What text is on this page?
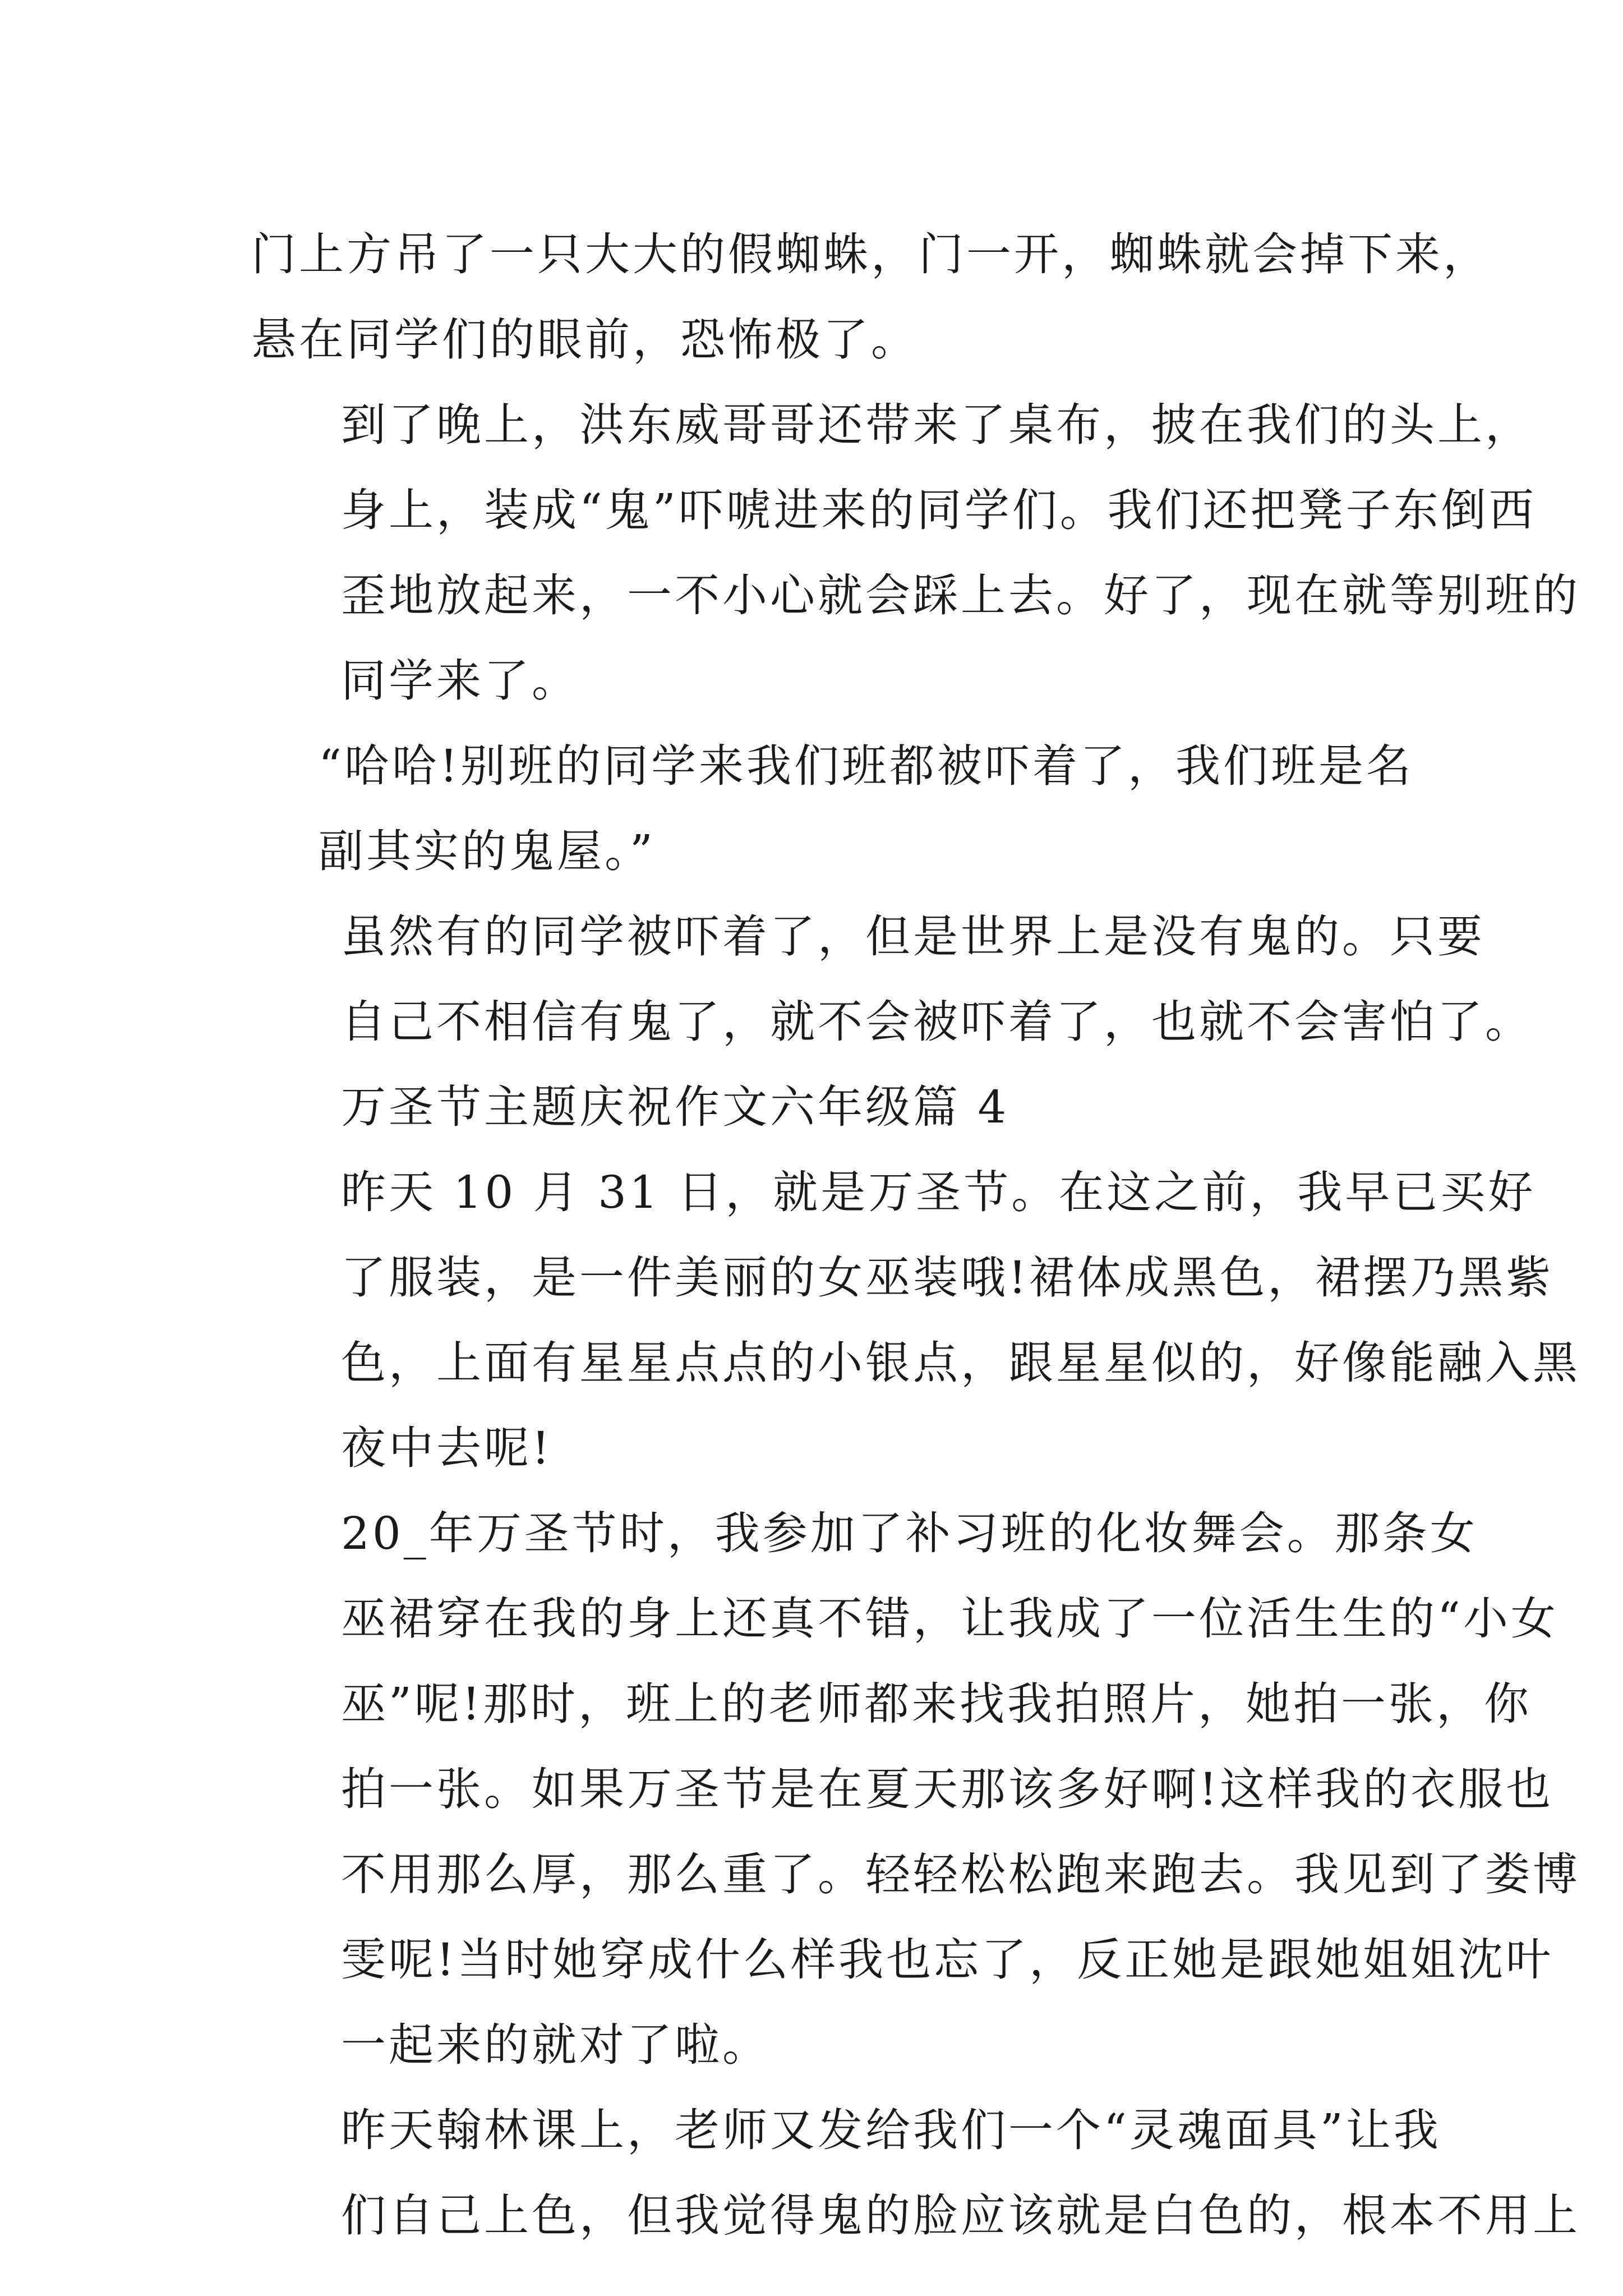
门上方吊了一只大大的假蜘蛛，门一开，蜘蛛就会掉下来，
悬在同学们的眼前，恐怖极了。
到了晚上，洪东威哥哥还带来了桌布，披在我们的头上，
身上，装成“鬼”吓唬进来的同学们。我们还把凳子东倒西
歪地放起来，一不小心就会踩上去。好了，现在就等别班的
同学来了。
“哈哈!别班的同学来我们班都被吓着了，我们班是名
副其实的鬼屋。”
虽然有的同学被吓着了，但是世界上是没有鬼的。只要
自己不相信有鬼了，就不会被吓着了，也就不会害怕了。
万圣节主题庆祝作文六年级篇 4
昨天 10 月 31 日，就是万圣节。在这之前，我早已买好
了服装，是一件美丽的女巫装哦!裙体成黑色，裙摆乃黑紫
色，上面有星星点点的小银点，跟星星似的，好像能融入黑
夜中去呢!
20_年万圣节时，我参加了补习班的化妆舞会。那条女
巫裙穿在我的身上还真不错，让我成了一位活生生的“小女
巫”呢!那时，班上的老师都来找我拍照片，她拍一张，你
拍一张。如果万圣节是在夏天那该多好啊!这样我的衣服也
不用那么厚，那么重了。轻轻松松跑来跑去。我见到了娄博
雯呢!当时她穿成什么样我也忘了，反正她是跟她姐姐沈叶
一起来的就对了啦。
昨天翰林课上，老师又发给我们一个“灵魂面具”让我
们自己上色，但我觉得鬼的脸应该就是白色的，根本不用上
